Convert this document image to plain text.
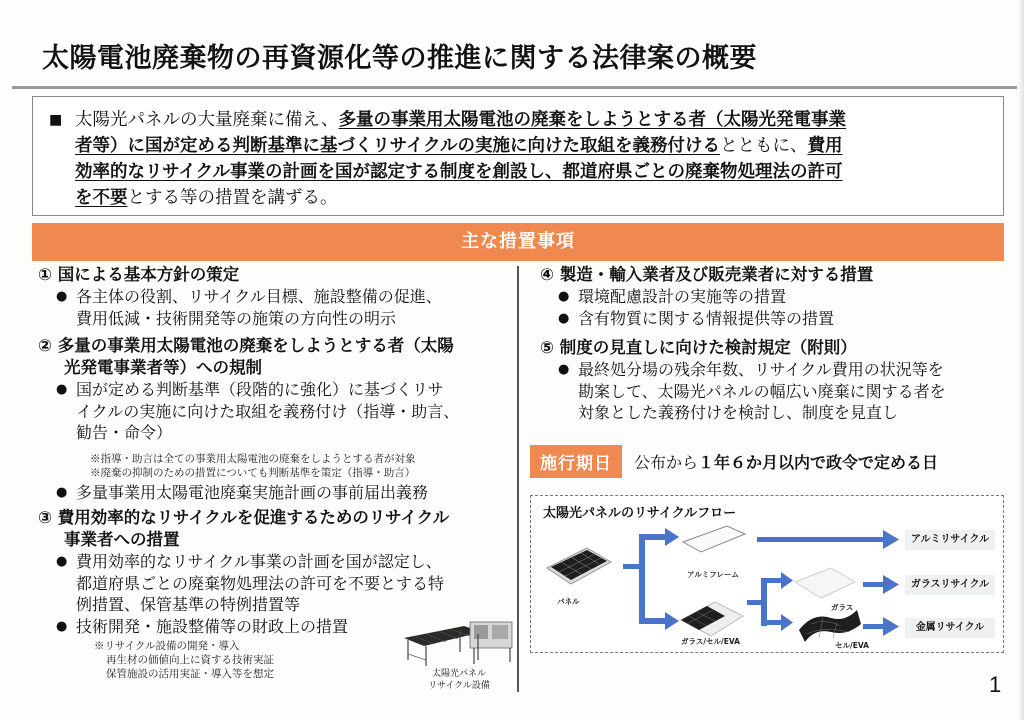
太陽電池廃棄物の再資源化等の推進に関する法律案の概要
■ 太陽光パネルの大量廃棄に備え、多量の事業用太陽電池の廃棄をしようとする者（太陽光発電事業
者等）に国が定める判断基準に基づくリサイクルの実施に向けた取組を義務付けるとともに、費用
効率的なリサイクル事業の計画を国が認定する制度を創設し、都道府県ごとの廃棄物処理法の許可
を不要とする等の措置を講ずる。
主な措置事項
① 国による基本方針の策定
● 各主体の役割、リサイクル目標、施設整備の促進、
費用低減・技術開発等の施策の方向性の明示
② 多量の事業用太陽電池の廃棄をしようとする者（太陽
光発電事業者等）への規制
● 国が定める判断基準（段階的に強化）に基づくリサ
イクルの実施に向けた取組を義務付け（指導・助言、
勧告・命令）
※指導・助言は全ての事業用太陽電池の廃棄をしようとする者が対象
※廃棄の抑制のための措置についても判断基準を策定（指導・助言）
● 多量事業用太陽電池廃棄実施計画の事前届出義務
③ 費用効率的なリサイクルを促進するためのリサイクル
事業者への措置
● 費用効率的なリサイクル事業の計画を国が認定し、
都道府県ごとの廃棄物処理法の許可を不要とする特
例措置、保管基準の特例措置等
● 技術開発・施設整備等の財政上の措置
※リサイクル設備の開発・導入
再生材の価値向上に資する技術実証
保管施設の活用実証・導入等を想定	太陽光パネル
リサイクル設備
④ 製造・輸入業者及び販売業者に対する措置
● 環境配慮設計の実施等の措置
● 含有物質に関する情報提供等の措置
⑤ 制度の見直しに向けた検討規定（附則）
● 最終処分場の残余年数、リサイクル費用の状況等を
勘案して、太陽光パネルの幅広い廃棄に関する者を
対象とした義務付けを検討し、制度を見直し
施行期日	公布から１年６か月以内で政令で定める日
太陽光パネルのリサイクルフロー
パネル
アルミフレーム
ガラス/セル/EVA
ガラス
セル/EVA
アルミリサイクル
ガラスリサイクル
金属リサイクル
1
